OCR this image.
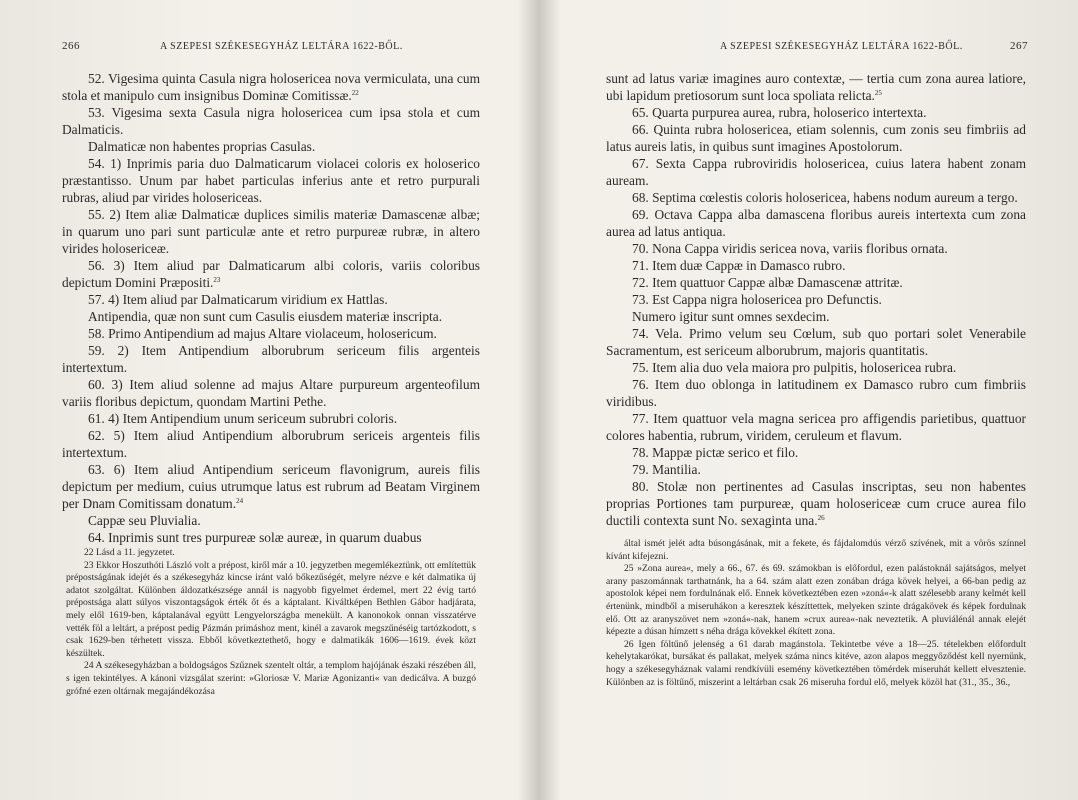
266	A SZEPESI SZÉKESEGYHÁZ LELTÁRA 1622-BŐL.

52. Vigesima quinta Casula nigra holosericea nova vermiculata, una cum stola et manipulo cum insignibus Dominæ Comitissæ.$^{22}$

53. Vigesima sexta Casula nigra holosericea cum ipsa stola et cum Dalmaticis.

Dalmaticæ non habentes proprias Casulas.

54. 1) Inprimis paria duo Dalmaticarum violacei coloris ex holoserico præstantisso. Unum par habet particulas inferius ante et retro purpurali rubras, aliud par virides holosericeas.

55. 2) Item aliæ Dalmaticæ duplices similis materiæ Damascenæ albæ; in quarum uno pari sunt particulæ ante et retro purpureæ rubræ, in altero virides holosericeæ.

56. 3) Item aliud par Dalmaticarum albi coloris, variis coloribus depictum Domini Præpositi.$^{23}$

57. 4) Item aliud par Dalmaticarum viridium ex Hattlas.

Antipendia, quæ non sunt cum Casulis eiusdem materiæ inscripta.

58. Primo Antipendium ad majus Altare violaceum, holosericum.

59. 2) Item Antipendium alborubrum sericeum filis argenteis intertextum.

60. 3) Item aliud solenne ad majus Altare purpureum argenteofilum variis floribus depictum, quondam Martini Pethe.

61. 4) Item Antipendium unum sericeum subrubri coloris.

62. 5) Item aliud Antipendium alborubrum sericeis argenteis filis intertextum.

63. 6) Item aliud Antipendium sericeum flavonigrum, aureis filis depictum per medium, cuius utrumque latus est rubrum ad Beatam Virginem per Dnam Comitissam donatum.$^{24}$

Cappæ seu Pluvialia.

64. Inprimis sunt tres purpureæ solæ aureæ, in quarum duabus

22 Lásd a 11. jegyzetet.

23 Ekkor Hoszuthóti László volt a prépost, kiről már a 10. jegyzetben megemlékeztünk, ott említettük prépostságának idejét és a székesegyház kincse iránt való bőkezűségét, melyre nézve e két dalmatika új adatot szolgáltat. Különben áldozatkészsége annál is nagyobb figyelmet érdemel, mert 22 évig tartó prépostsága alatt súlyos viszontagságok érték őt és a káptalant. Kiváltképen Bethlen Gábor hadjárata, mely elől 1619-ben, káptalanával együtt Lengyelországba menekült. A kanonokok onnan visszatérve vették föl a leltárt, a prépost pedig Pázmán prímáshoz ment, kinél a zavarok megszűnéséig tartózkodott, s csak 1629-ben térhetett vissza. Ebből következtethető, hogy e dalmatikák 1606—1619. évek közt készültek.

24 A székesegyházban a boldogságos Szűznek szentelt oltár, a templom hajójának északi részében áll, s igen tekintélyes. A kánoni vizsgálat szerint: »Gloriosæ V. Mariæ Agonizanti« van dedicálva. A buzgó grófné ezen oltárnak megajándékozása

A SZEPESI SZÉKESEGYHÁZ LELTÁRA 1622-BŐL.	267

sunt ad latus variæ imagines auro contextæ, — tertia cum zona aurea latiore, ubi lapidum pretiosorum sunt loca spoliata relicta.$^{25}$

65. Quarta purpurea aurea, rubra, holoserico intertexta.

66. Quinta rubra holosericea, etiam solennis, cum zonis seu fimbriis ad latus aureis latis, in quibus sunt imagines Apostolorum.

67. Sexta Cappa rubroviridis holosericea, cuius latera habent zonam auream.

68. Septima cœlestis coloris holosericea, habens nodum aureum a tergo.

69. Octava Cappa alba damascena floribus aureis intertexta cum zona aurea ad latus antiqua.

70. Nona Cappa viridis sericea nova, variis floribus ornata.

71. Item duæ Cappæ in Damasco rubro.

72. Item quattuor Cappæ albæ Damascenæ attritæ.

73. Est Cappa nigra holosericea pro Defunctis.

Numero igitur sunt omnes sexdecim.

74. Vela. Primo velum seu Cœlum, sub quo portari solet Venerabile Sacramentum, est sericeum alborubrum, majoris quantitatis.

75. Item alia duo vela maiora pro pulpitis, holosericea rubra.

76. Item duo oblonga in latitudinem ex Damasco rubro cum fimbriis viridibus.

77. Item quattuor vela magna sericea pro affigendis parietibus, quattuor colores habentia, rubrum, viridem, ceruleum et flavum.

78. Mappæ pictæ serico et filo.

79. Mantilia.

80. Stolæ non pertinentes ad Casulas inscriptas, seu non habentes proprias Portiones tam purpureæ, quam holosericeæ cum cruce aurea filo ductili contexta sunt No. sexaginta una.$^{26}$

által ismét jelét adta búsongásának, mit a fekete, és fájdalomdús vérző szívének, mit a vörös színnel kívánt kifejezni.

25 »Zona aurea«, mely a 66., 67. és 69. számokban is előfordul, ezen palástoknál sajátságos, melyet arany paszománnak tarthatnánk, ha a 64. szám alatt ezen zonában drága kövek helyei, a 66-ban pedig az apostolok képei nem fordulnának elő. Ennek következtében ezen »zoná«-k alatt szélesebb arany kelmét kell értenünk, mindből a miseruhákon a keresztek készíttettek, melyeken szinte drágakövek és képek fordulnak elő. Ott az aranyszövet nem »zoná«-nak, hanem »crux aurea«-nak neveztetik. A pluviálénál annak elejét képezte a dúsan hímzett s néha drága kövekkel ékített zona.

26 Igen föltűnő jelenség a 61 darab magánstola. Tekintetbe véve a 18—25. tételekben előfordult kehelytakarókat, bursákat és pallakat, melyek száma nincs kitéve, azon alapos meggyőződést kell nyernünk, hogy a székesegyháznak valami rendkívüli esemény következtében tömérdek miseruhát kellett elvesztenie. Különben az is föltűnő, miszerint a leltárban csak 26 miseruha fordul elő, melyek közöl hat (31., 35., 36.,
